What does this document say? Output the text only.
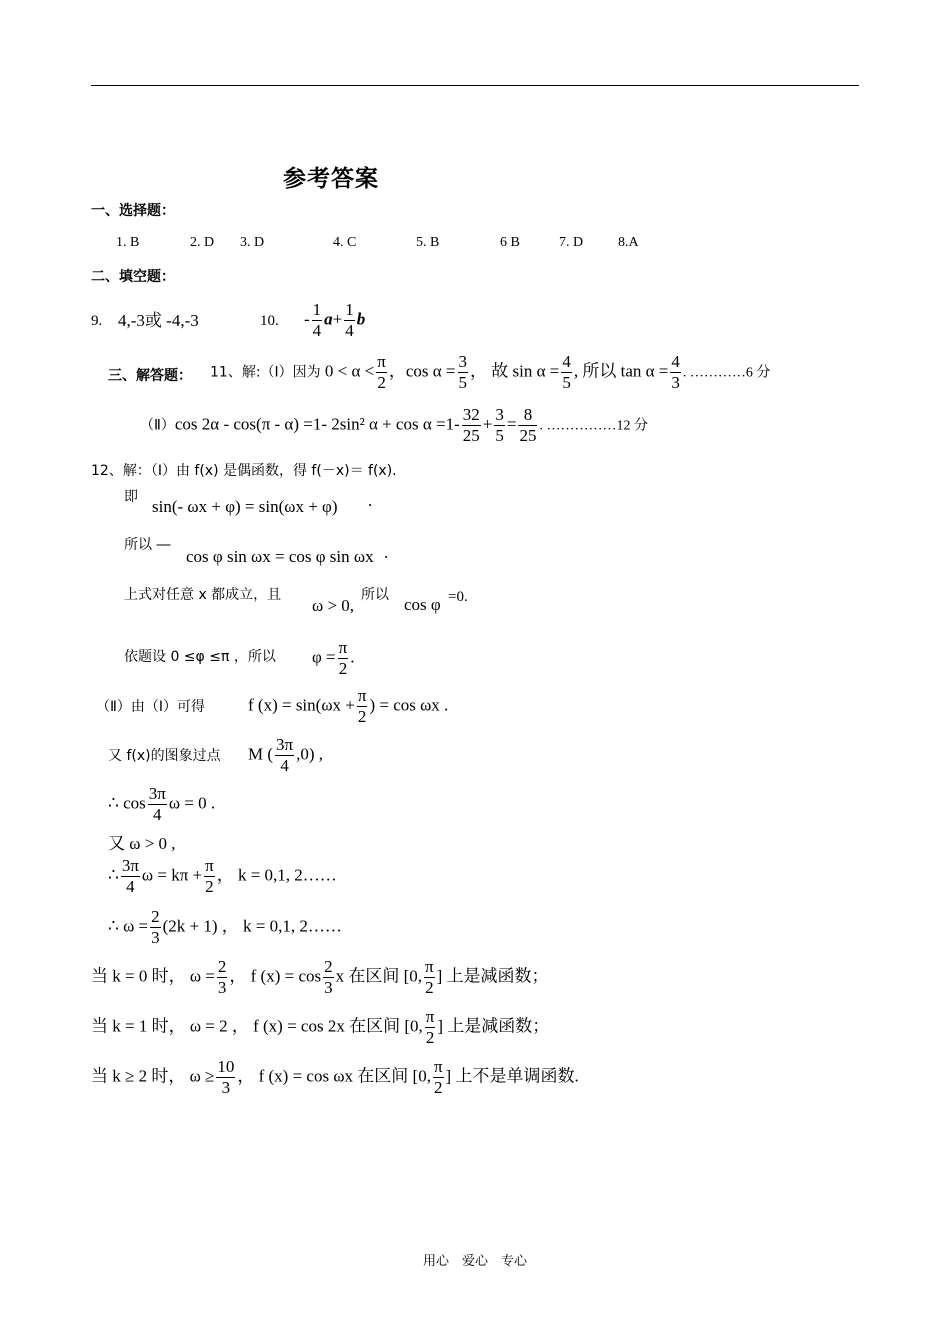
参考答案
一、选择题：
1. B	2. D 3. D	4. C	5. B	6 B	7. D 8.A
二、填空题：
9. 4,‑3或 ‑4,‑3	10. ‑ $\frac{1}{4} a+ \frac{1}{4}$ b
三、解答题： 11、解:（Ⅰ）因为 $0 < \alpha < \frac{\pi}{2}$ ，$\cos \alpha = \frac{3}{5}$ ， 故 $\sin \alpha = \frac{4}{5}$ , 所以 $\tan \alpha = \frac{4}{3}$ . …………6 分
（Ⅱ）cos 2α ‑ cos(π ‑ α) =1‑ 2sin² α + cos α =1‑ $\frac{32}{25} + \frac{3}{5} = \frac{8}{25}$ . ……………12 分
12、解：（Ⅰ）由 f(x) 是偶函数，得 f(－x)＝ f(x).
即 sin(‑ ωx + φ) = sin(ωx + φ) .
所以 ―
cos φ sin ωx = cos φ sin ωx .
上式对任意 x 都成立，且
ω > 0,
所以 cos φ =0.
依题设 0 ≤φ ≤π ，所以 $\varphi = \frac{\pi}{2}$ .
（Ⅱ）由（Ⅰ）可得	f $(x) = \sin(\omega x + \frac{\pi}{2}$ ) = cos ωx .
又 f(x)的图象过点 M ( $\frac{3\pi}{4} ,0$) ,
∴ $\cos \frac{3\pi}{4}$ ω = 0 .
又 ω > 0 ,
∴ $\frac{3\pi}{4}$ $\omega = k\pi + \frac{\pi}{2}$ ， k = 0,1, 2……
∴ $\omega = \frac{2}{3} (2k + 1)$ ， k = 0,1, 2……
当 k = 0 时， $\omega = \frac{2}{3}$ ， f $(x) = \cos \frac{2}{3}$ x 在区间 [0, $\frac{\pi}{2}$ ] 上是减函数；
当 k = 1 时， ω = 2 ， f (x) = cos 2x 在区间 [0, $\frac{\pi}{2}$ ] 上是减函数；
当 k ≥ 2 时， $\omega \ge \frac{10}{3}$ ， f (x) = cos ωx 在区间 [0, $\frac{\pi}{2}$ ] 上不是单调函数.
用心　爱心　专心
